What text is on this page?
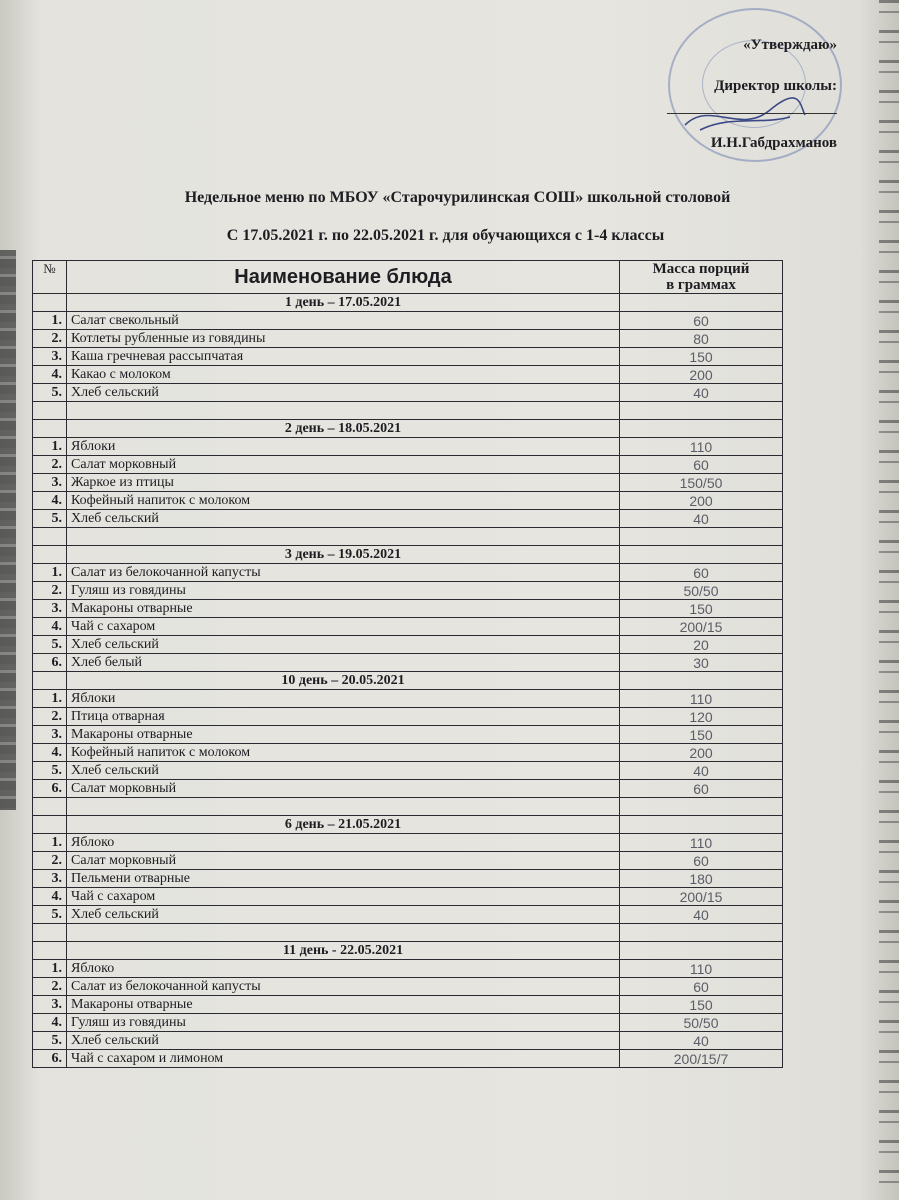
«Утверждаю»
Директор школы:
И.Н.Габдрахманов
Недельное меню по МБОУ «Старочурилинская СОШ» школьной столовой
С 17.05.2021 г. по 22.05.2021 г. для обучающихся с 1-4 классы
№	Наименование блюда	Масса порций
в граммах
	1 день – 17.05.2021	
1.	Салат свекольный	60
2.	Котлеты рубленные из говядины	80
3.	Каша гречневая рассыпчатая	150
4.	Какао с молоком	200
5.	Хлеб сельский	40

	2 день – 18.05.2021	
1.	Яблоки	110
2.	Салат морковный	60
3.	Жаркое из птицы	150/50
4.	Кофейный напиток с молоком	200
5.	Хлеб сельский	40

	3 день – 19.05.2021	
1.	Салат из белокочанной капусты	60
2.	Гуляш из говядины	50/50
3.	Макароны отварные	150
4.	Чай с сахаром	200/15
5.	Хлеб сельский	20
6.	Хлеб белый	30
	10 день – 20.05.2021	
1.	Яблоки	110
2.	Птица отварная	120
3.	Макароны отварные	150
4.	Кофейный напиток с молоком	200
5.	Хлеб сельский	40
6.	Салат морковный	60

	6 день – 21.05.2021	
1.	Яблоко	110
2.	Салат морковный	60
3.	Пельмени отварные	180
4.	Чай с сахаром	200/15
5.	Хлеб сельский	40

	11 день - 22.05.2021	
1.	Яблоко	110
2.	Салат из белокочанной капусты	60
3.	Макароны отварные	150
4.	Гуляш из говядины	50/50
5.	Хлеб сельский	40
6.	Чай с сахаром и лимоном	200/15/7
